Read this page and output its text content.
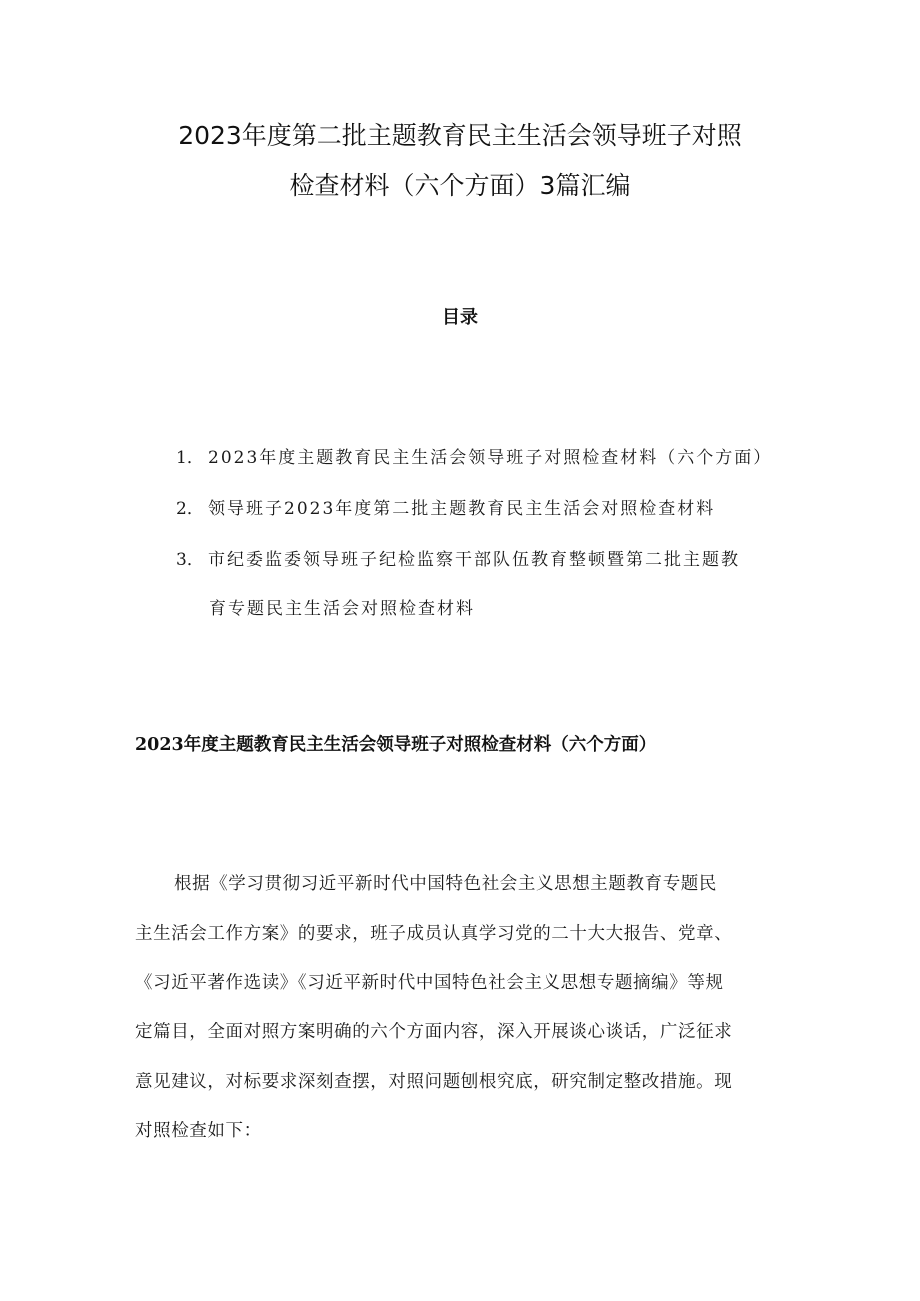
2023年度第二批主题教育民主生活会领导班子对照
检查材料（六个方面）3篇汇编
目录
1． 2023年度主题教育民主生活会领导班子对照检查材料（六个方面）
2． 领导班子2023年度第二批主题教育民主生活会对照检查材料
3． 市纪委监委领导班子纪检监察干部队伍教育整顿暨第二批主题教
育专题民主生活会对照检查材料
2023年度主题教育民主生活会领导班子对照检查材料（六个方面）
根据《学习贯彻习近平新时代中国特色社会主义思想主题教育专题民
主生活会工作方案》的要求，班子成员认真学习党的二十大大报告、党章、
《习近平著作选读》《习近平新时代中国特色社会主义思想专题摘编》等规
定篇目，全面对照方案明确的六个方面内容，深入开展谈心谈话，广泛征求
意见建议，对标要求深刻查摆，对照问题刨根究底，研究制定整改措施。现
对照检查如下：
